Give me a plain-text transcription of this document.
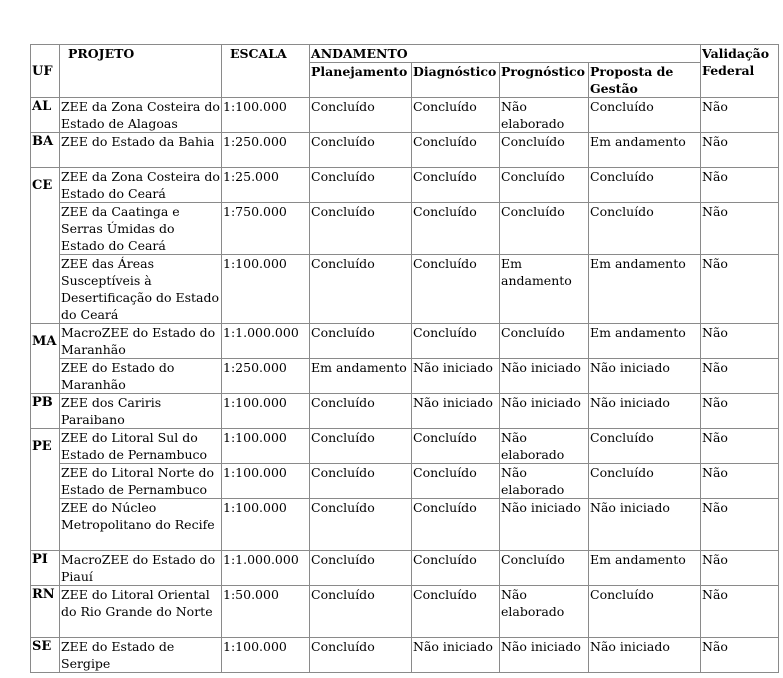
UF	PROJETO	ESCALA	ANDAMENTO				Validação Federal
			Planejamento	Diagnóstico	Prognóstico	Proposta de Gestão	
AL	ZEE da Zona Costeira do Estado de Alagoas	1:100.000	Concluído	Concluído	Não elaborado	Concluído	Não
BA	ZEE do Estado da Bahia	1:250.000	Concluído	Concluído	Concluído	Em andamento	Não
CE	ZEE da Zona Costeira do Estado do Ceará	1:25.000	Concluído	Concluído	Concluído	Concluído	Não
	ZEE da Caatinga e Serras Úmidas do Estado do Ceará	1:750.000	Concluído	Concluído	Concluído	Concluído	Não
	ZEE das Áreas Susceptíveis à Desertificação do Estado do Ceará	1:100.000	Concluído	Concluído	Em andamento	Em andamento	Não
MA	MacroZEE do Estado do Maranhão	1:1.000.000	Concluído	Concluído	Concluído	Em andamento	Não
	ZEE do Estado do Maranhão	1:250.000	Em andamento	Não iniciado	Não iniciado	Não iniciado	Não
PB	ZEE dos Cariris Paraibano	1:100.000	Concluído	Não iniciado	Não iniciado	Não iniciado	Não
PE	ZEE do Litoral Sul do Estado de Pernambuco	1:100.000	Concluído	Concluído	Não elaborado	Concluído	Não
	ZEE do Litoral Norte do Estado de Pernambuco	1:100.000	Concluído	Concluído	Não elaborado	Concluído	Não
	ZEE do Núcleo Metropolitano do Recife	1:100.000	Concluído	Concluído	Não iniciado	Não iniciado	Não
PI	MacroZEE do Estado do Piauí	1:1.000.000	Concluído	Concluído	Concluído	Em andamento	Não
RN	ZEE do Litoral Oriental do Rio Grande do Norte	1:50.000	Concluído	Concluído	Não elaborado	Concluído	Não
SE	ZEE do Estado de Sergipe	1:100.000	Concluído	Não iniciado	Não iniciado	Não iniciado	Não
